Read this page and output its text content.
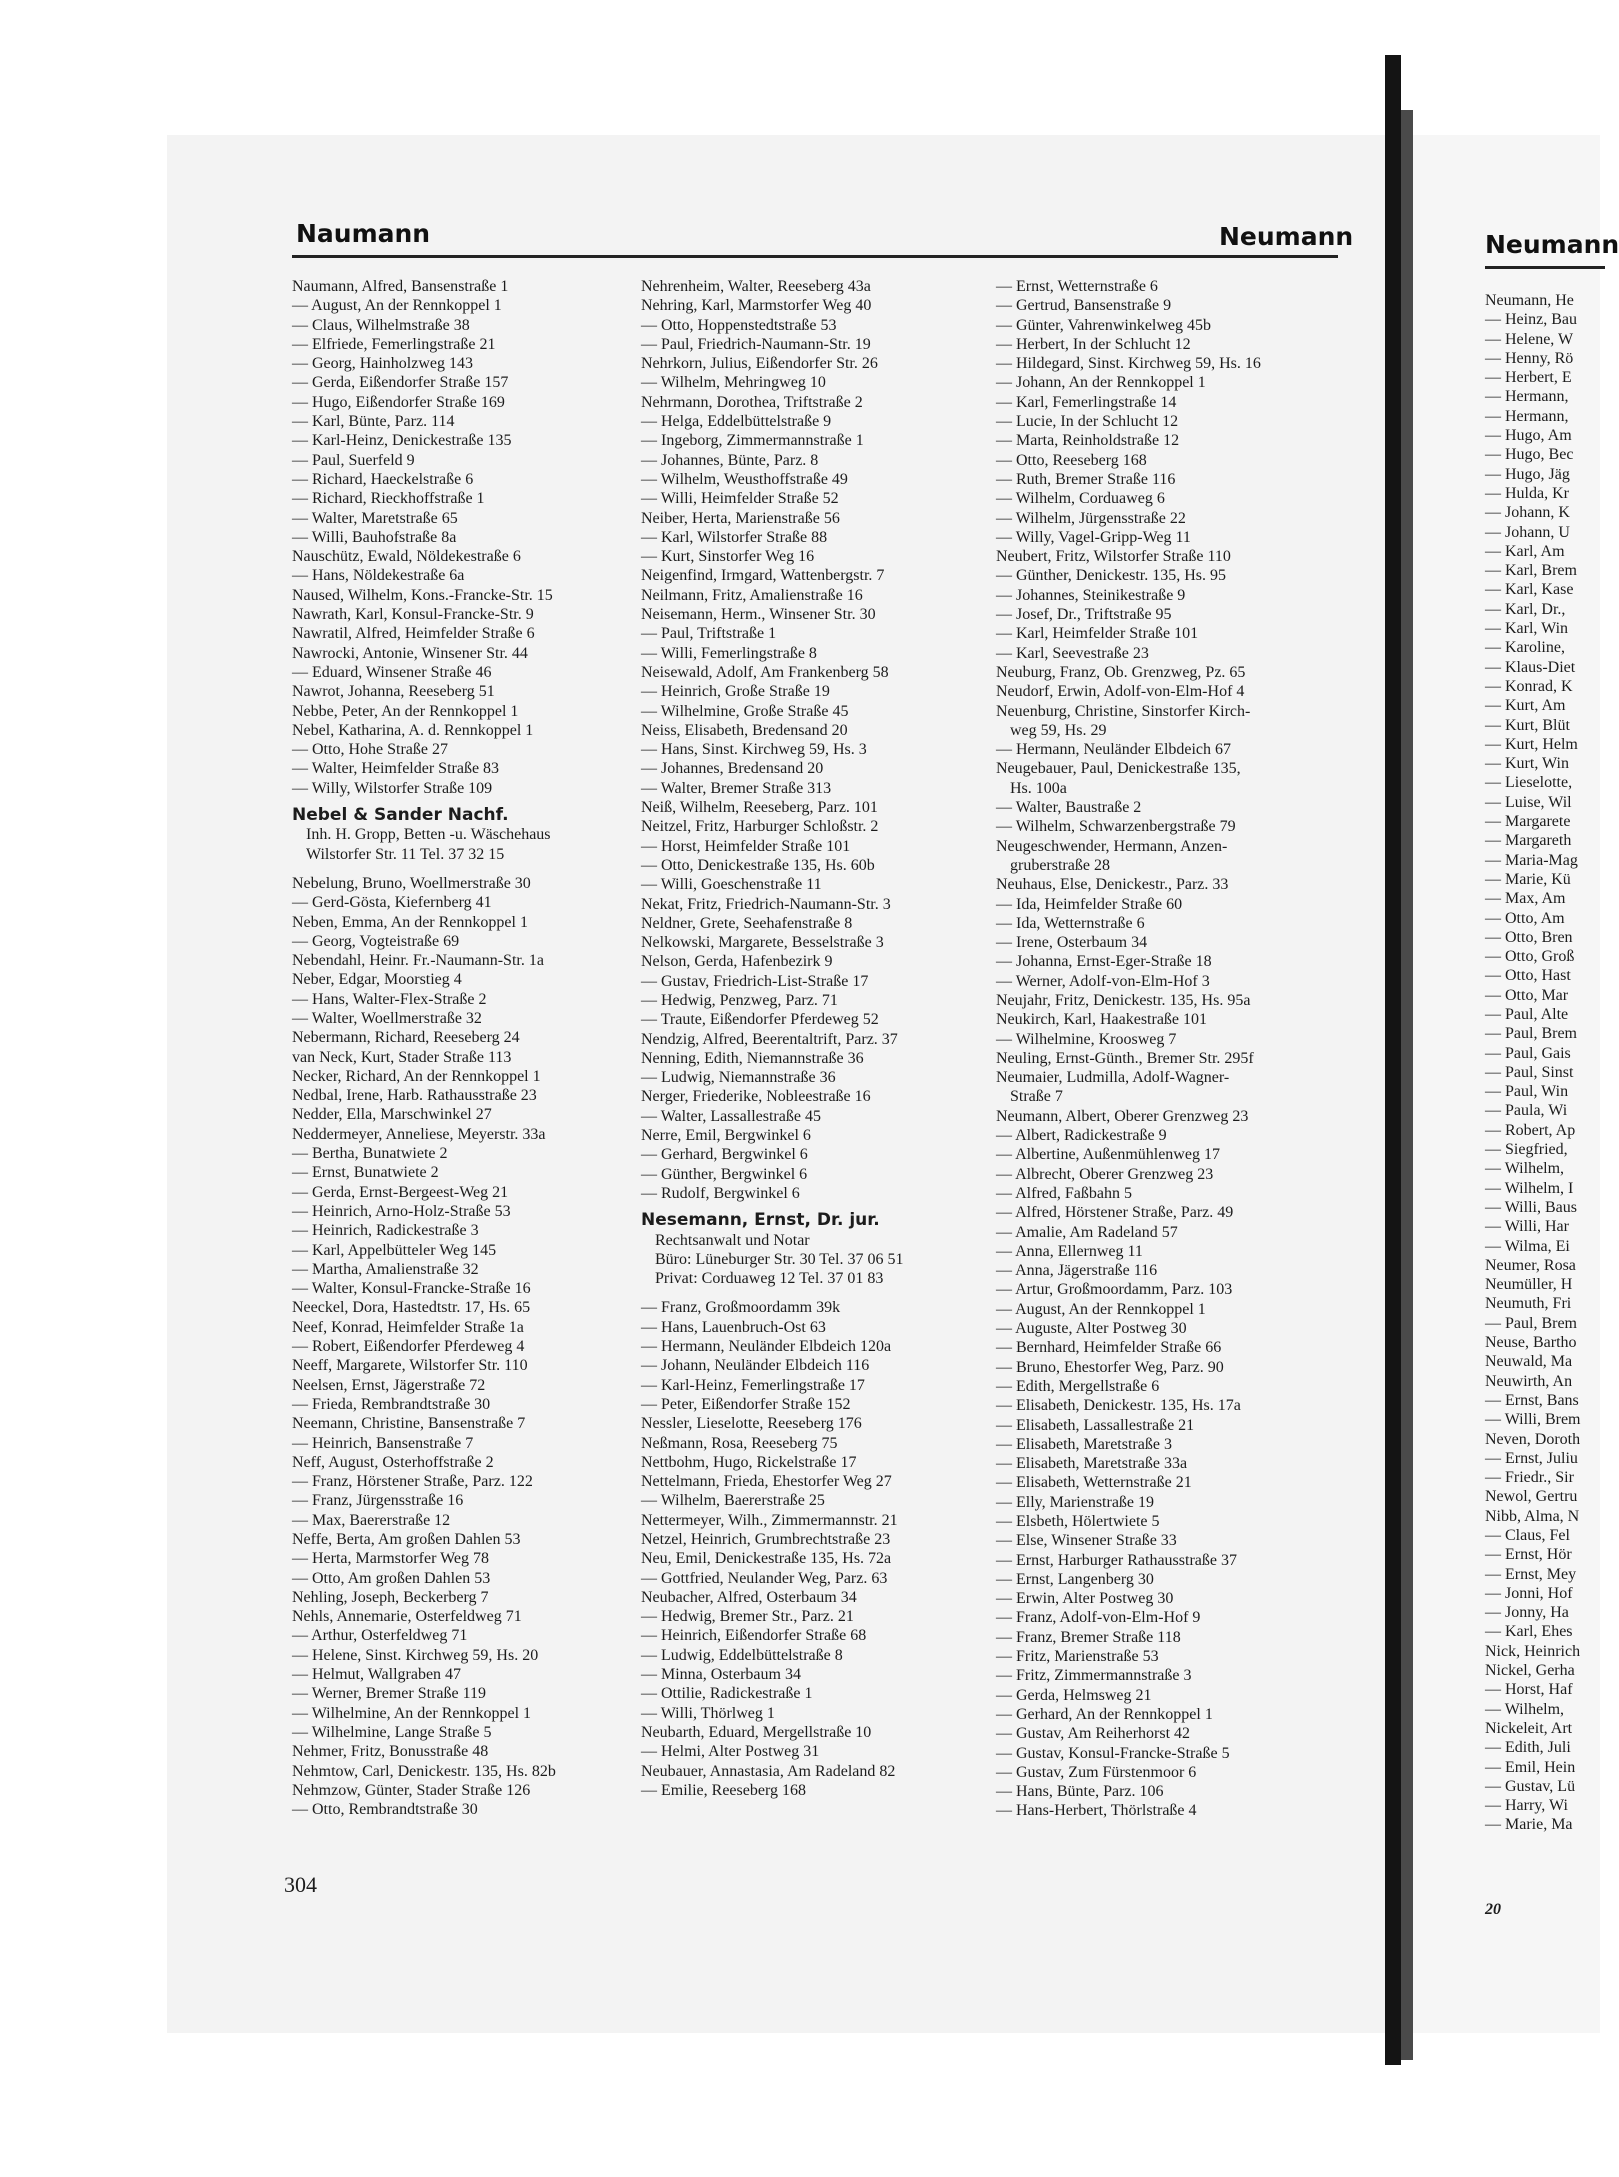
Neumann
Neumann, He
— Heinz, Bau
— Helene, W
— Henny, Rö
— Herbert, E
— Hermann,
— Hermann,
— Hugo, Am
— Hugo, Bec
— Hugo, Jäg
— Hulda, Kr
— Johann, K
— Johann, U
— Karl, Am
— Karl, Brem
— Karl, Kase
— Karl, Dr.,
— Karl, Win
— Karoline,
— Klaus-Diet
— Konrad, K
— Kurt, Am
— Kurt, Blüt
— Kurt, Helm
— Kurt, Win
— Lieselotte,
— Luise, Wil
— Margarete
— Margareth
— Maria-Mag
— Marie, Kü
— Max, Am
— Otto, Am
— Otto, Bren
— Otto, Groß
— Otto, Hast
— Otto, Mar
— Paul, Alte
— Paul, Brem
— Paul, Gais
— Paul, Sinst
— Paul, Win
— Paula, Wi
— Robert, Ap
— Siegfried,
— Wilhelm,
— Wilhelm, I
— Willi, Baus
— Willi, Har
— Wilma, Ei
Neumer, Rosa
Neumüller, H
Neumuth, Fri
— Paul, Brem
Neuse, Bartho
Neuwald, Ma
Neuwirth, An
— Ernst, Bans
— Willi, Brem
Neven, Doroth
— Ernst, Juliu
— Friedr., Sir
Newol, Gertru
Nibb, Alma, N
— Claus, Fel
— Ernst, Hör
— Ernst, Mey
— Jonni, Hof
— Jonny, Ha
— Karl, Ehes
Nick, Heinrich
Nickel, Gerha
— Horst, Haf
— Wilhelm,
Nickeleit, Art
— Edith, Juli
— Emil, Hein
— Gustav, Lü
— Harry, Wi
— Marie, Ma
20
Naumann	Neumann
Naumann, Alfred, Bansenstraße 1
— August, An der Rennkoppel 1
— Claus, Wilhelmstraße 38
— Elfriede, Femerlingstraße 21
— Georg, Hainholzweg 143
— Gerda, Eißendorfer Straße 157
— Hugo, Eißendorfer Straße 169
— Karl, Bünte, Parz. 114
— Karl-Heinz, Denickestraße 135
— Paul, Suerfeld 9
— Richard, Haeckelstraße 6
— Richard, Rieckhoffstraße 1
— Walter, Maretstraße 65
— Willi, Bauhofstraße 8a
Nauschütz, Ewald, Nöldekestraße 6
— Hans, Nöldekestraße 6a
Naused, Wilhelm, Kons.-Francke-Str. 15
Nawrath, Karl, Konsul-Francke-Str. 9
Nawratil, Alfred, Heimfelder Straße 6
Nawrocki, Antonie, Winsener Str. 44
— Eduard, Winsener Straße 46
Nawrot, Johanna, Reeseberg 51
Nebbe, Peter, An der Rennkoppel 1
Nebel, Katharina, A. d. Rennkoppel 1
— Otto, Hohe Straße 27
— Walter, Heimfelder Straße 83
— Willy, Wilstorfer Straße 109
Nebel & Sander Nachf.
Inh. H. Gropp, Betten -u. Wäschehaus
Wilstorfer Str. 11 Tel. 37 32 15
Nebelung, Bruno, Woellmerstraße 30
— Gerd-Gösta, Kiefernberg 41
Neben, Emma, An der Rennkoppel 1
— Georg, Vogteistraße 69
Nebendahl, Heinr. Fr.-Naumann-Str. 1a
Neber, Edgar, Moorstieg 4
— Hans, Walter-Flex-Straße 2
— Walter, Woellmerstraße 32
Nebermann, Richard, Reeseberg 24
van Neck, Kurt, Stader Straße 113
Necker, Richard, An der Rennkoppel 1
Nedbal, Irene, Harb. Rathausstraße 23
Nedder, Ella, Marschwinkel 27
Neddermeyer, Anneliese, Meyerstr. 33a
— Bertha, Bunatwiete 2
— Ernst, Bunatwiete 2
— Gerda, Ernst-Bergeest-Weg 21
— Heinrich, Arno-Holz-Straße 53
— Heinrich, Radickestraße 3
— Karl, Appelbütteler Weg 145
— Martha, Amalienstraße 32
— Walter, Konsul-Francke-Straße 16
Neeckel, Dora, Hastedtstr. 17, Hs. 65
Neef, Konrad, Heimfelder Straße 1a
— Robert, Eißendorfer Pferdeweg 4
Neeff, Margarete, Wilstorfer Str. 110
Neelsen, Ernst, Jägerstraße 72
— Frieda, Rembrandtstraße 30
Neemann, Christine, Bansenstraße 7
— Heinrich, Bansenstraße 7
Neff, August, Osterhoffstraße 2
— Franz, Hörstener Straße, Parz. 122
— Franz, Jürgensstraße 16
— Max, Baererstraße 12
Neffe, Berta, Am großen Dahlen 53
— Herta, Marmstorfer Weg 78
— Otto, Am großen Dahlen 53
Nehling, Joseph, Beckerberg 7
Nehls, Annemarie, Osterfeldweg 71
— Arthur, Osterfeldweg 71
— Helene, Sinst. Kirchweg 59, Hs. 20
— Helmut, Wallgraben 47
— Werner, Bremer Straße 119
— Wilhelmine, An der Rennkoppel 1
— Wilhelmine, Lange Straße 5
Nehmer, Fritz, Bonusstraße 48
Nehmtow, Carl, Denickestr. 135, Hs. 82b
Nehmzow, Günter, Stader Straße 126
— Otto, Rembrandtstraße 30
Nehrenheim, Walter, Reeseberg 43a
Nehring, Karl, Marmstorfer Weg 40
— Otto, Hoppenstedtstraße 53
— Paul, Friedrich-Naumann-Str. 19
Nehrkorn, Julius, Eißendorfer Str. 26
— Wilhelm, Mehringweg 10
Nehrmann, Dorothea, Triftstraße 2
— Helga, Eddelbüttelstraße 9
— Ingeborg, Zimmermannstraße 1
— Johannes, Bünte, Parz. 8
— Wilhelm, Weusthoffstraße 49
— Willi, Heimfelder Straße 52
Neiber, Herta, Marienstraße 56
— Karl, Wilstorfer Straße 88
— Kurt, Sinstorfer Weg 16
Neigenfind, Irmgard, Wattenbergstr. 7
Neilmann, Fritz, Amalienstraße 16
Neisemann, Herm., Winsener Str. 30
— Paul, Triftstraße 1
— Willi, Femerlingstraße 8
Neisewald, Adolf, Am Frankenberg 58
— Heinrich, Große Straße 19
— Wilhelmine, Große Straße 45
Neiss, Elisabeth, Bredensand 20
— Hans, Sinst. Kirchweg 59, Hs. 3
— Johannes, Bredensand 20
— Walter, Bremer Straße 313
Neiß, Wilhelm, Reeseberg, Parz. 101
Neitzel, Fritz, Harburger Schloßstr. 2
— Horst, Heimfelder Straße 101
— Otto, Denickestraße 135, Hs. 60b
— Willi, Goeschenstraße 11
Nekat, Fritz, Friedrich-Naumann-Str. 3
Neldner, Grete, Seehafenstraße 8
Nelkowski, Margarete, Besselstraße 3
Nelson, Gerda, Hafenbezirk 9
— Gustav, Friedrich-List-Straße 17
— Hedwig, Penzweg, Parz. 71
— Traute, Eißendorfer Pferdeweg 52
Nendzig, Alfred, Beerentaltrift, Parz. 37
Nenning, Edith, Niemannstraße 36
— Ludwig, Niemannstraße 36
Nerger, Friederike, Nobleestraße 16
— Walter, Lassallestraße 45
Nerre, Emil, Bergwinkel 6
— Gerhard, Bergwinkel 6
— Günther, Bergwinkel 6
— Rudolf, Bergwinkel 6
Nesemann, Ernst, Dr. jur.
Rechtsanwalt und Notar
Büro: Lüneburger Str. 30 Tel. 37 06 51
Privat: Corduaweg 12 Tel. 37 01 83
— Franz, Großmoordamm 39k
— Hans, Lauenbruch-Ost 63
— Hermann, Neuländer Elbdeich 120a
— Johann, Neuländer Elbdeich 116
— Karl-Heinz, Femerlingstraße 17
— Peter, Eißendorfer Straße 152
Nessler, Lieselotte, Reeseberg 176
Neßmann, Rosa, Reeseberg 75
Nettbohm, Hugo, Rickelstraße 17
Nettelmann, Frieda, Ehestorfer Weg 27
— Wilhelm, Baererstraße 25
Nettermeyer, Wilh., Zimmermannstr. 21
Netzel, Heinrich, Grumbrechtstraße 23
Neu, Emil, Denickestraße 135, Hs. 72a
— Gottfried, Neulander Weg, Parz. 63
Neubacher, Alfred, Osterbaum 34
— Hedwig, Bremer Str., Parz. 21
— Heinrich, Eißendorfer Straße 68
— Ludwig, Eddelbüttelstraße 8
— Minna, Osterbaum 34
— Ottilie, Radickestraße 1
— Willi, Thörlweg 1
Neubarth, Eduard, Mergellstraße 10
— Helmi, Alter Postweg 31
Neubauer, Annastasia, Am Radeland 82
— Emilie, Reeseberg 168
— Ernst, Wetternstraße 6
— Gertrud, Bansenstraße 9
— Günter, Vahrenwinkelweg 45b
— Herbert, In der Schlucht 12
— Hildegard, Sinst. Kirchweg 59, Hs. 16
— Johann, An der Rennkoppel 1
— Karl, Femerlingstraße 14
— Lucie, In der Schlucht 12
— Marta, Reinholdstraße 12
— Otto, Reeseberg 168
— Ruth, Bremer Straße 116
— Wilhelm, Corduaweg 6
— Wilhelm, Jürgensstraße 22
— Willy, Vagel-Gripp-Weg 11
Neubert, Fritz, Wilstorfer Straße 110
— Günther, Denickestr. 135, Hs. 95
— Johannes, Steinikestraße 9
— Josef, Dr., Triftstraße 95
— Karl, Heimfelder Straße 101
— Karl, Seevestraße 23
Neuburg, Franz, Ob. Grenzweg, Pz. 65
Neudorf, Erwin, Adolf-von-Elm-Hof 4
Neuenburg, Christine, Sinstorfer Kirch-
weg 59, Hs. 29
— Hermann, Neuländer Elbdeich 67
Neugebauer, Paul, Denickestraße 135,
Hs. 100a
— Walter, Baustraße 2
— Wilhelm, Schwarzenbergstraße 79
Neugeschwender, Hermann, Anzen-
gruberstraße 28
Neuhaus, Else, Denickestr., Parz. 33
— Ida, Heimfelder Straße 60
— Ida, Wetternstraße 6
— Irene, Osterbaum 34
— Johanna, Ernst-Eger-Straße 18
— Werner, Adolf-von-Elm-Hof 3
Neujahr, Fritz, Denickestr. 135, Hs. 95a
Neukirch, Karl, Haakestraße 101
— Wilhelmine, Kroosweg 7
Neuling, Ernst-Günth., Bremer Str. 295f
Neumaier, Ludmilla, Adolf-Wagner-
Straße 7
Neumann, Albert, Oberer Grenzweg 23
— Albert, Radickestraße 9
— Albertine, Außenmühlenweg 17
— Albrecht, Oberer Grenzweg 23
— Alfred, Faßbahn 5
— Alfred, Hörstener Straße, Parz. 49
— Amalie, Am Radeland 57
— Anna, Ellernweg 11
— Anna, Jägerstraße 116
— Artur, Großmoordamm, Parz. 103
— August, An der Rennkoppel 1
— Auguste, Alter Postweg 30
— Bernhard, Heimfelder Straße 66
— Bruno, Ehestorfer Weg, Parz. 90
— Edith, Mergellstraße 6
— Elisabeth, Denickestr. 135, Hs. 17a
— Elisabeth, Lassallestraße 21
— Elisabeth, Maretstraße 3
— Elisabeth, Maretstraße 33a
— Elisabeth, Wetternstraße 21
— Elly, Marienstraße 19
— Elsbeth, Hölertwiete 5
— Else, Winsener Straße 33
— Ernst, Harburger Rathausstraße 37
— Ernst, Langenberg 30
— Erwin, Alter Postweg 30
— Franz, Adolf-von-Elm-Hof 9
— Franz, Bremer Straße 118
— Fritz, Marienstraße 53
— Fritz, Zimmermannstraße 3
— Gerda, Helmsweg 21
— Gerhard, An der Rennkoppel 1
— Gustav, Am Reiherhorst 42
— Gustav, Konsul-Francke-Straße 5
— Gustav, Zum Fürstenmoor 6
— Hans, Bünte, Parz. 106
— Hans-Herbert, Thörlstraße 4
304
